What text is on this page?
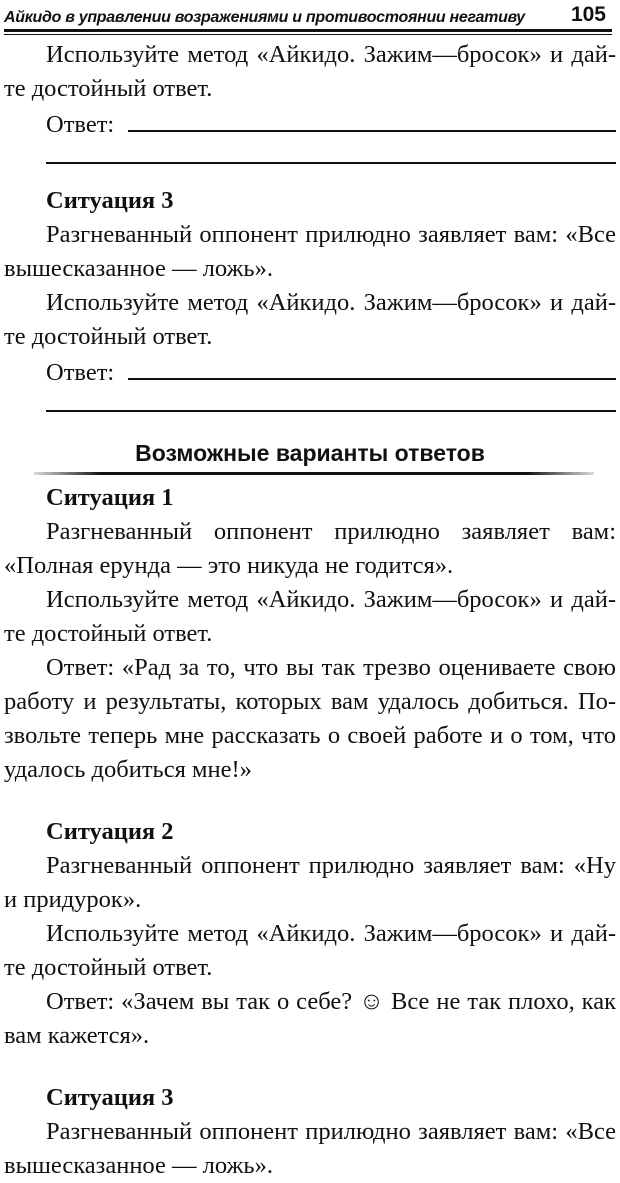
Айкидо в управлении возражениями и противостоянии негативу 105

Используйте метод «Айкидо. Зажим—бросок» и дай-те достойный ответ.

Ответ:
Ситуация 3

Разгневанный оппонент прилюдно заявляет вам: «Все вышесказанное — ложь».

Используйте метод «Айкидо. Зажим—бросок» и дай-те достойный ответ.

Ответ:
Возможные варианты ответов
Ситуация 1

Разгневанный оппонент прилюдно заявляет вам: «Полная ерунда — это никуда не годится».

Используйте метод «Айкидо. Зажим—бросок» и дай-те достойный ответ.

Ответ: «Рад за то, что вы так трезво оцениваете свою работу и результаты, которых вам удалось добиться. По-звольте теперь мне рассказать о своей работе и о том, что удалось добиться мне!»

Ситуация 2

Разгневанный оппонент прилюдно заявляет вам: «Ну и придурок».

Используйте метод «Айкидо. Зажим—бросок» и дай-те достойный ответ.

Ответ: «Зачем вы так о себе? ☺ Все не так плохо, как вам кажется».

Ситуация 3

Разгневанный оппонент прилюдно заявляет вам: «Все вышесказанное — ложь».
